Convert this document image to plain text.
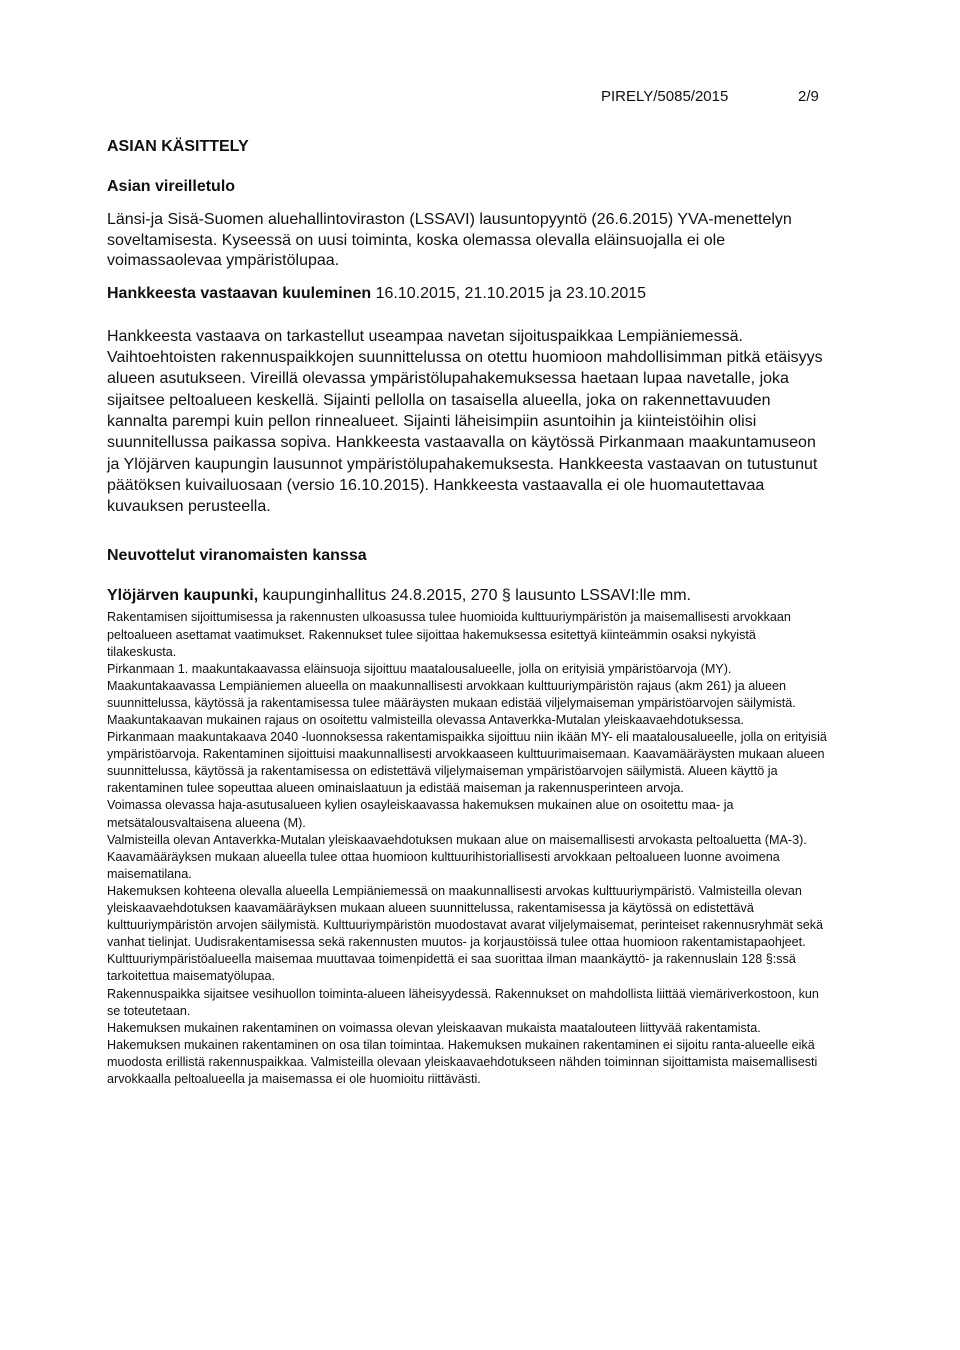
PIRELY/5085/2015	2/9
ASIAN KÄSITTELY
Asian vireilletulo

Länsi-ja Sisä-Suomen aluehallintoviraston (LSSAVI) lausuntopyyntö (26.6.2015) YVA-menettelyn soveltamisesta. Kyseessä on uusi toiminta, koska olemassa olevalla eläinsuojalla ei ole voimassaolevaa ympäristölupaa.

Hankkeesta vastaavan kuuleminen 16.10.2015, 21.10.2015 ja 23.10.2015

Hankkeesta vastaava on tarkastellut useampaa navetan sijoituspaikkaa Lempiäniemessä. Vaihtoehtoisten rakennuspaikkojen suunnittelussa on otettu huomioon mahdollisimman pitkä etäisyys alueen asutukseen. Vireillä olevassa ympäristölupahakemuksessa haetaan lupaa navetalle, joka sijaitsee peltoalueen keskellä. Sijainti pellolla on tasaisella alueella, joka on rakennettavuuden kannalta parempi kuin pellon rinnealueet. Sijainti läheisimpiin asuntoihin ja kiinteistöihin olisi suunnitellussa paikassa sopiva. Hankkeesta vastaavalla on käytössä Pirkanmaan maakuntamuseon ja Ylöjärven kaupungin lausunnot ympäristölupahakemuksesta. Hankkeesta vastaavan on tutustunut päätöksen kuivailuosaan (versio 16.10.2015). Hankkeesta vastaavalla ei ole huomautettavaa kuvauksen perusteella.

Neuvottelut viranomaisten kanssa
Ylöjärven kaupunki, kaupunginhallitus 24.8.2015, 270 § lausunto LSSAVI:lle mm.
Rakentamisen sijoittumisessa ja rakennusten ulkoasussa tulee huomioida kulttuuriympäristön ja maisemallisesti arvokkaan peltoalueen asettamat vaatimukset. Rakennukset tulee sijoittaa hakemuksessa esitettyä kiinteämmin osaksi nykyistä tilakeskusta.
Pirkanmaan 1. maakuntakaavassa eläinsuoja sijoittuu maatalousalueelle, jolla on erityisiä ympäristöarvoja (MY). Maakuntakaavassa Lempiäniemen alueella on maakunnallisesti arvokkaan kulttuuriympäristön rajaus (akm 261) ja alueen suunnittelussa, käytössä ja rakentamisessa tulee määräysten mukaan edistää viljelymaiseman ympäristöarvojen säilymistä. Maakuntakaavan mukainen rajaus on osoitettu valmisteilla olevassa Antaverkka-Mutalan yleiskaavaehdotuksessa.
Pirkanmaan maakuntakaava 2040 -luonnoksessa rakentamispaikka sijoittuu niin ikään MY- eli maatalousalueelle, jolla on erityisiä ympäristöarvoja. Rakentaminen sijoittuisi maakunnallisesti arvokkaaseen kulttuurimaisemaan. Kaavamääräysten mukaan alueen suunnittelussa, käytössä ja rakentamisessa on edistettävä viljelymaiseman ympäristöarvojen säilymistä. Alueen käyttö ja rakentaminen tulee sopeuttaa alueen ominaislaatuun ja edistää maiseman ja rakennusperinteen arvoja.
Voimassa olevassa haja-asutusalueen kylien osayleiskaavassa hakemuksen mukainen alue on osoitettu maa- ja metsätalousvaltaisena alueena (M).
Valmisteilla olevan Antaverkka-Mutalan yleiskaavaehdotuksen mukaan alue on maisemallisesti arvokasta peltoaluetta (MA-3). Kaavamääräyksen mukaan alueella tulee ottaa huomioon kulttuurihistoriallisesti arvokkaan peltoalueen luonne avoimena maisematilana.
Hakemuksen kohteena olevalla alueella Lempiäniemessä on maakunnallisesti arvokas kulttuuriympäristö. Valmisteilla olevan yleiskaavaehdotuksen kaavamääräyksen mukaan alueen suunnittelussa, rakentamisessa ja käytössä on edistettävä kulttuuriympäristön arvojen säilymistä. Kulttuuriympäristön muodostavat avarat viljelymaisemat, perinteiset rakennusryhmät sekä vanhat tielinjat. Uudisrakentamisessa sekä rakennusten muutos- ja korjaustöissä tulee ottaa huomioon rakentamistapaohjeet. Kulttuuriympäristöalueella maisemaa muuttavaa toimenpidettä ei saa suorittaa ilman maankäyttö- ja rakennuslain 128 §:ssä tarkoitettua maisematyölupaa.
Rakennuspaikka sijaitsee vesihuollon toiminta-alueen läheisyydessä. Rakennukset on mahdollista liittää viemäriverkostoon, kun se toteutetaan.
Hakemuksen mukainen rakentaminen on voimassa olevan yleiskaavan mukaista maatalouteen liittyvää rakentamista. Hakemuksen mukainen rakentaminen on osa tilan toimintaa. Hakemuksen mukainen rakentaminen ei sijoitu ranta-alueelle eikä muodosta erillistä rakennuspaikkaa. Valmisteilla olevaan yleiskaavaehdotukseen nähden toiminnan sijoittamista maisemallisesti arvokkaalla peltoalueella ja maisemassa ei ole huomioitu riittävästi.
